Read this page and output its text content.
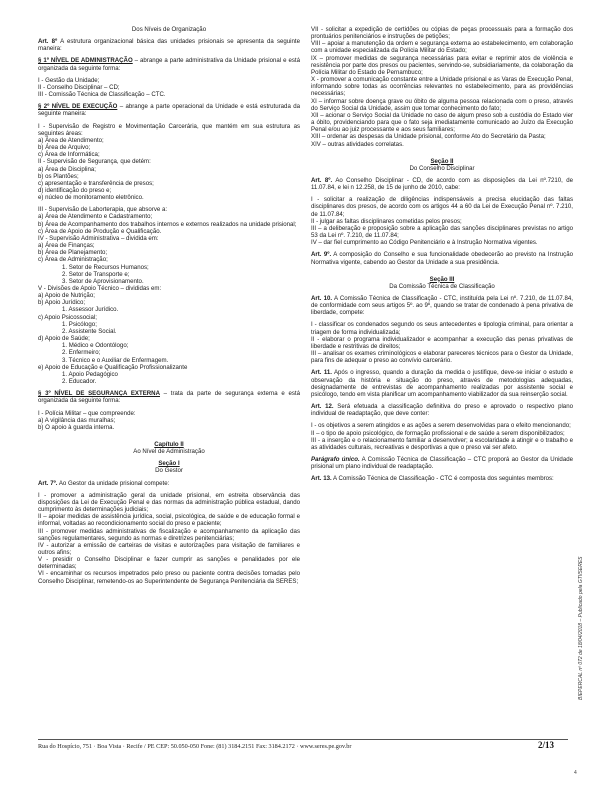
Dos Níveis de Organização

Art. 8º A estrutura organizacional básica das unidades prisionais se apresenta da seguinte maneira:

§ 1º NÍVEL DE ADMINISTRAÇÃO – abrange a parte administrativa da Unidade prisional e está organizada da seguinte forma:

I - Gestão da Unidade;

II - Conselho Disciplinar – CD;

III - Comissão Técnica de Classificação – CTC.

§ 2º NÍVEL DE EXECUÇÃO – abrange a parte operacional da Unidade e está estruturada da seguinte maneira:

I - Supervisão de Registro e Movimentação Carcerária, que mantém em sua estrutura as seguintes áreas:

a) Área de Atendimento;

b) Área de Arquivo;

c) Área de Informática;

II - Supervisão de Segurança, que detém:

a) Área de Disciplina;

b) os Plantões;

c) apresentação e transferência de presos;

d) identificação do preso e;

e) núcleo de monitoramento eletrônico.

III - Supervisão de Laborterapia, que absorve a:

a) Área de Atendimento e Cadastramento;

b) Área de Acompanhamento dos trabalhos internos e externos realizados na unidade prisional;

c) Área de Apoio de Produção e Qualificação.

IV - Supervisão Administrativa – dividida em:

a) Área de Finanças;

b) Área de Planejamento;

c) Área de Administração;

1. Setor de Recursos Humanos;

2. Setor de Transporte e;

3. Setor de Aprovisionamento.

V - Divisões de Apoio Técnico – divididas em:

a) Apoio de Nutrição;

b) Apoio Jurídico;

1. Assessor Jurídico.

c) Apoio Psicossocial;

1. Psicólogo;

2. Assistente Social.

d) Apoio de Saúde;

1. Médico e Odontólogo;

2. Enfermeiro;

3. Técnico e o Auxiliar de Enfermagem.

e) Apoio de Educação e Qualificação Profissionalizante

1. Apoio Pedagógico

2. Educador.

§ 3º NÍVEL DE SEGURANÇA EXTERNA – trata da parte de segurança externa e está organizada da seguinte forma:

I - Polícia Militar – que compreende:

a) A vigilância das muralhas;

b) O apoio à guarda interna.

Capítulo II

Ao Nível de Administração

Seção I

Do Gestor

Art. 7º. Ao Gestor da unidade prisional compete:

I - promover a administração geral da unidade prisional, em estreita observância das disposições da Lei de Execução Penal e das normas da administração pública estadual, dando cumprimento às determinações judiciais;

II – apoiar medidas de assistência jurídica, social, psicológica, de saúde e de educação formal e informal, voltadas ao recondicionamento social do preso e paciente;

III - promover medidas administrativas de fiscalização e acompanhamento da aplicação das sanções regulamentares, segundo as normas e diretrizes penitenciárias;

IV - autorizar a emissão de carteiras de visitas e autorizações para visitação de familiares e outros afins;

V - presidir o Conselho Disciplinar e fazer cumprir as sanções e penalidades por ele determinadas;

VI - encaminhar os recursos impetrados pelo preso ou paciente contra decisões tomadas pelo Conselho Disciplinar, remetendo-os ao Superintendente de Segurança Penitenciária da SERES;

VII - solicitar a expedição de certidões ou cópias de peças processuais para a formação dos prontuários penitenciários e instruções de petições;

VIII – apoiar a manutenção da ordem e segurança externa ao estabelecimento, em colaboração com a unidade especializada da Polícia Militar do Estado;

IX – promover medidas de segurança necessárias para evitar e reprimir atos de violência e resistência por parte dos presos ou pacientes, servindo-se, subsidiariamente, da colaboração da Polícia Militar do Estado de Pernambuco;

X - promover a comunicação constante entre a Unidade prisional e as Varas de Execução Penal, informando sobre todas as ocorrências relevantes no estabelecimento, para as providências necessárias;

XI – informar sobre doença grave ou óbito de alguma pessoa relacionada com o preso, através do Serviço Social da Unidade, assim que tomar conhecimento do fato;

XII – acionar o Serviço Social da Unidade no caso de algum preso sob a custódia do Estado vier a óbito, providenciando para que o fato seja imediatamente comunicado ao Juízo da Execução Penal e/ou ao juiz processante e aos seus familiares;

XIII – ordenar as despesas da Unidade prisional, conforme Ato do Secretário da Pasta;

XIV – outras atividades correlatas.

Seção II

Do Conselho Disciplinar

Art. 8º. Ao Conselho Disciplinar - CD, de acordo com as disposições da Lei nº.7210, de 11.07.84, e lei n 12.258, de 15 de junho de 2010, cabe:

I - solicitar a realização de diligências indispensáveis a precisa elucidação das faltas disciplinares dos presos, de acordo com os artigos 44 a 60 da Lei de Execução Penal nº. 7.210, de 11.07.84;

II - julgar as faltas disciplinares cometidas pelos presos;

III – a deliberação e proposição sobre a aplicação das sanções disciplinares previstas no artigo 53 da Lei nº. 7.210, de 11.07.84;

IV – dar fiel cumprimento ao Código Penitenciário e à Instrução Normativa vigentes.

Art. 9º. A composição do Conselho e sua funcionalidade obedecerão ao previsto na Instrução Normativa vigente, cabendo ao Gestor da Unidade a sua presidência.

Seção III

Da Comissão Técnica de Classificação

Art. 10. A Comissão Técnica de Classificação - CTC, instituída pela Lei nº. 7.210, de 11.07.84, de conformidade com seus artigos 5º. ao 9º, quando se tratar de condenado à pena privativa de liberdade, compete:

I - classificar os condenados segundo os seus antecedentes e tipologia criminal, para orientar a triagem de forma individualizada;

II - elaborar o programa individualizador e acompanhar a execução das penas privativas de liberdade e restritivas de direitos;

III – analisar os exames criminológicos e elaborar pareceres técnicos para o Gestor da Unidade, para fins de adequar o preso ao convívio carcerário.

Art. 11. Após o ingresso, quando a duração da medida o justifique, deve-se iniciar o estudo e observação da história e situação do preso, através de metodologias adequadas, designadamente de entrevistas de acompanhamento realizadas por assistente social e psicólogo, tendo em vista planificar um acompanhamento viabilizador da sua reinserção social.

Art. 12. Será efetuada a classificação definitiva do preso e aprovado o respectivo plano individual de readaptação, que deve conter:

I - os objetivos a serem atingidos e as ações a serem desenvolvidas para o efeito mencionando;

II – o tipo de apoio psicológico, de formação profissional e de saúde a serem disponibilizados;

III - a inserção e o relacionamento familiar a desenvolver; a escolaridade a atingir e o trabalho e as atividades culturais, recreativas e desportivas a que o preso vai ser afeto.

Parágrafo único. A Comissão Técnica de Classificação – CTC proporá ao Gestor da Unidade prisional um plano individual de readaptação.

Art. 13. A Comissão Técnica de Classificação - CTC é composta dos seguintes membros:

Rua do Hospício, 751 · Boa Vista · Recife / PE CEP: 50.050-050 Fone: (81) 3184.2151 Fax: 3184.2172 · www.seres.pe.gov.br	2/13
BIEPERCAL nº 072 de 18/04/2018 – Publicado pela GTI/SERES
4
